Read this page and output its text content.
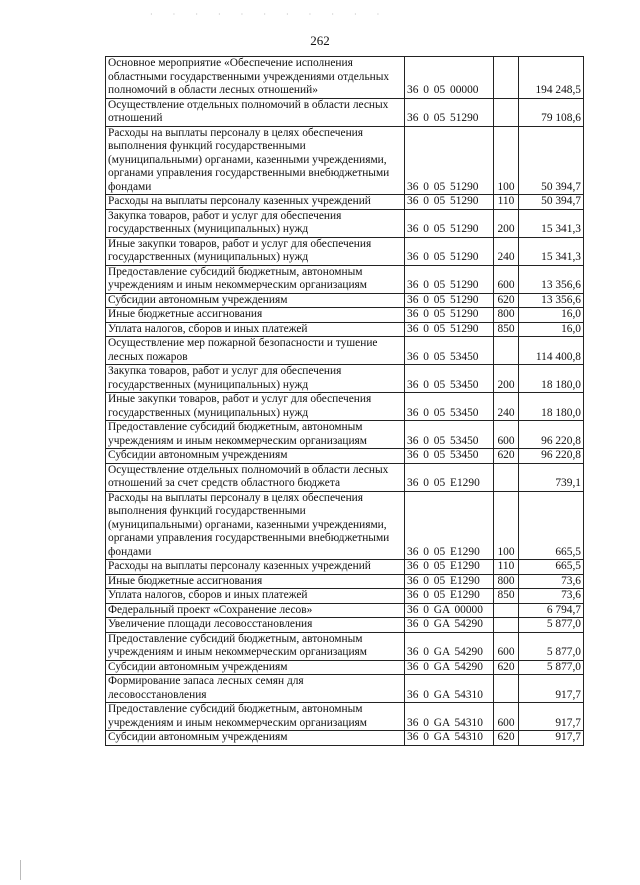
· · · · · · · · · · ·
262
Основное мероприятие «Обеспечение исполнения областными государственными учреждениями отдельных полномочий в области лесных отношений»	36 0 05 00000		194 248,5
Осуществление отдельных полномочий в области лесных отношений	36 0 05 51290		79 108,6
Расходы на выплаты персоналу в целях обеспечения выполнения функций государственными (муниципальными) органами, казенными учреждениями, органами управления государственными внебюджетными фондами	36 0 05 51290	100	50 394,7
Расходы на выплаты персоналу казенных учреждений	36 0 05 51290	110	50 394,7
Закупка товаров, работ и услуг для обеспечения государственных (муниципальных) нужд	36 0 05 51290	200	15 341,3
Иные закупки товаров, работ и услуг для обеспечения государственных (муниципальных) нужд	36 0 05 51290	240	15 341,3
Предоставление субсидий бюджетным, автономным учреждениям и иным некоммерческим организациям	36 0 05 51290	600	13 356,6
Субсидии автономным учреждениям	36 0 05 51290	620	13 356,6
Иные бюджетные ассигнования	36 0 05 51290	800	16,0
Уплата налогов, сборов и иных платежей	36 0 05 51290	850	16,0
Осуществление мер пожарной безопасности и тушение лесных пожаров	36 0 05 53450		114 400,8
Закупка товаров, работ и услуг для обеспечения государственных (муниципальных) нужд	36 0 05 53450	200	18 180,0
Иные закупки товаров, работ и услуг для обеспечения государственных (муниципальных) нужд	36 0 05 53450	240	18 180,0
Предоставление субсидий бюджетным, автономным учреждениям и иным некоммерческим организациям	36 0 05 53450	600	96 220,8
Субсидии автономным учреждениям	36 0 05 53450	620	96 220,8
Осуществление отдельных полномочий в области лесных отношений за счет средств областного бюджета	36 0 05 E1290		739,1
Расходы на выплаты персоналу в целях обеспечения выполнения функций государственными (муниципальными) органами, казенными учреждениями, органами управления государственными внебюджетными фондами	36 0 05 E1290	100	665,5
Расходы на выплаты персоналу казенных учреждений	36 0 05 E1290	110	665,5
Иные бюджетные ассигнования	36 0 05 E1290	800	73,6
Уплата налогов, сборов и иных платежей	36 0 05 E1290	850	73,6
Федеральный проект «Сохранение лесов»	36 0 GA 00000		6 794,7
Увеличение площади лесовосстановления	36 0 GA 54290		5 877,0
Предоставление субсидий бюджетным, автономным учреждениям и иным некоммерческим организациям	36 0 GA 54290	600	5 877,0
Субсидии автономным учреждениям	36 0 GA 54290	620	5 877,0
Формирование запаса лесных семян для лесовосстановления	36 0 GA 54310		917,7
Предоставление субсидий бюджетным, автономным учреждениям и иным некоммерческим организациям	36 0 GA 54310	600	917,7
Субсидии автономным учреждениям	36 0 GA 54310	620	917,7
